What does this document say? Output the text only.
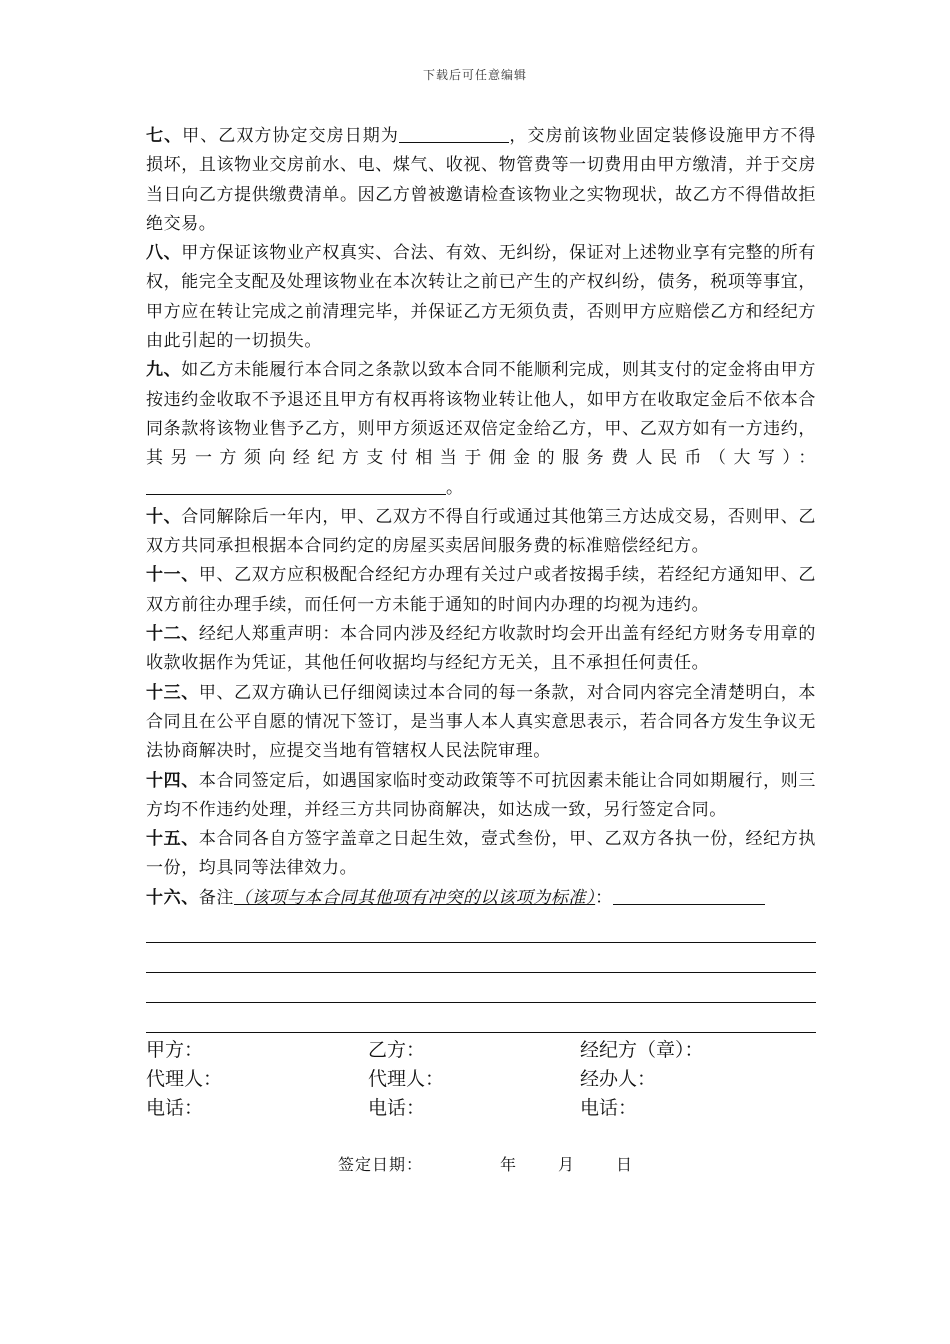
下载后可任意编辑

七、甲、乙双方协定交房日期为	，交房前该物业固定装修设施甲方不得损坏，且该物业交房前水、电、煤气、收视、物管费等一切费用由甲方缴清，并于交房当日向乙方提供缴费清单。因乙方曾被邀请检查该物业之实物现状，故乙方不得借故拒绝交易。

八、甲方保证该物业产权真实、合法、有效、无纠纷，保证对上述物业享有完整的所有权，能完全支配及处理该物业在本次转让之前已产生的产权纠纷，债务，税项等事宜，甲方应在转让完成之前清理完毕，并保证乙方无须负责，否则甲方应赔偿乙方和经纪方由此引起的一切损失。

九、如乙方未能履行本合同之条款以致本合同不能顺利完成，则其支付的定金将由甲方按违约金收取不予退还且甲方有权再将该物业转让他人，如甲方在收取定金后不依本合同条款将该物业售予乙方，则甲方须返还双倍定金给乙方，甲、乙双方如有一方违约，其另一方须向经纪方支付相当于佣金的服务费人民币（大写）：。

十、合同解除后一年内，甲、乙双方不得自行或通过其他第三方达成交易，否则甲、乙双方共同承担根据本合同约定的房屋买卖居间服务费的标准赔偿经纪方。

十一、甲、乙双方应积极配合经纪方办理有关过户或者按揭手续，若经纪方通知甲、乙双方前往办理手续，而任何一方未能于通知的时间内办理的均视为违约。

十二、经纪人郑重声明：本合同内涉及经纪方收款时均会开出盖有经纪方财务专用章的收款收据作为凭证，其他任何收据均与经纪方无关，且不承担任何责任。

十三、甲、乙双方确认已仔细阅读过本合同的每一条款，对合同内容完全清楚明白，本合同且在公平自愿的情况下签订，是当事人本人真实意思表示，若合同各方发生争议无法协商解决时，应提交当地有管辖权人民法院审理。

十四、本合同签定后，如遇国家临时变动政策等不可抗因素未能让合同如期履行，则三方均不作违约处理，并经三方共同协商解决，如达成一致，另行签定合同。

十五、本合同各自方签字盖章之日起生效，壹式叁份，甲、乙双方各执一份，经纪方执一份，均具同等法律效力。

十六、备注（该项与本合同其他项有冲突的以该项为标准）：

甲方：	乙方：	经纪方（章）：
代理人：	代理人：	经办人：
电话：	电话：	电话：
签定日期：	年	月	日
